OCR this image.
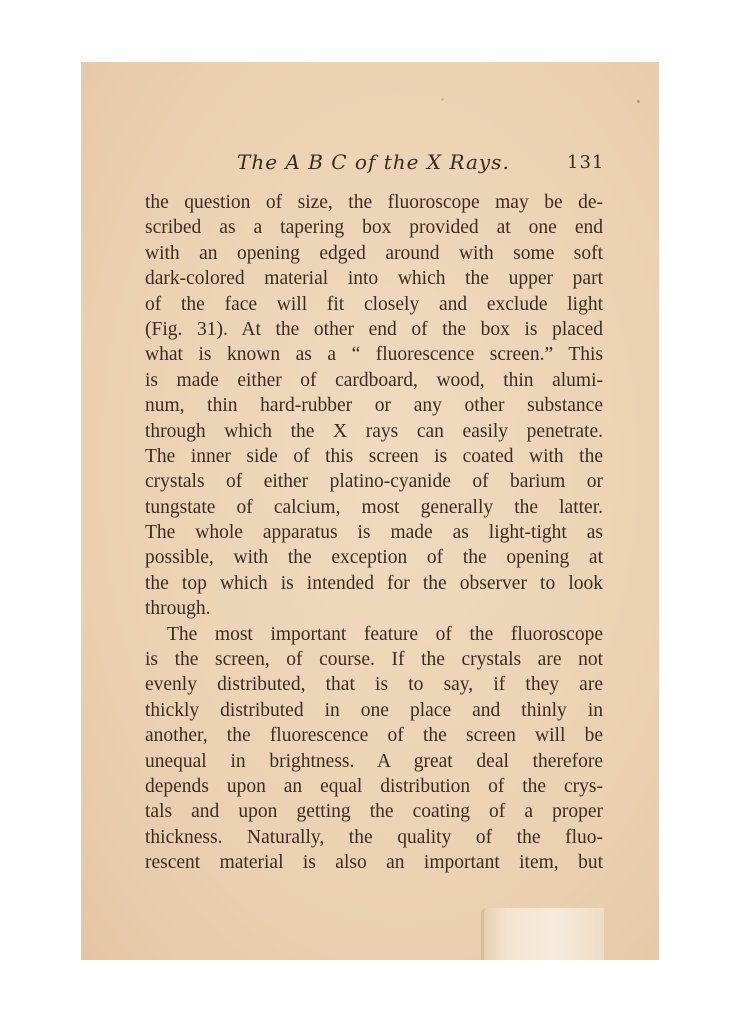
The A B C of the X Rays.	131
the question of size, the fluoroscope may be de-
scribed as a tapering box provided at one end
with an opening edged around with some soft
dark-colored material into which the upper part
of the face will fit closely and exclude light
(Fig. 31). At the other end of the box is placed
what is known as a “ fluorescence screen.” This
is made either of cardboard, wood, thin alumi-
num, thin hard-rubber or any other substance
through which the X rays can easily penetrate.
The inner side of this screen is coated with the
crystals of either platino-cyanide of barium or
tungstate of calcium, most generally the latter.
The whole apparatus is made as light-tight as
possible, with the exception of the opening at
the top which is intended for the observer to look
through.
The most important feature of the fluoroscope
is the screen, of course. If the crystals are not
evenly distributed, that is to say, if they are
thickly distributed in one place and thinly in
another, the fluorescence of the screen will be
unequal in brightness. A great deal therefore
depends upon an equal distribution of the crys-
tals and upon getting the coating of a proper
thickness. Naturally, the quality of the fluo-
rescent material is also an important item, but
